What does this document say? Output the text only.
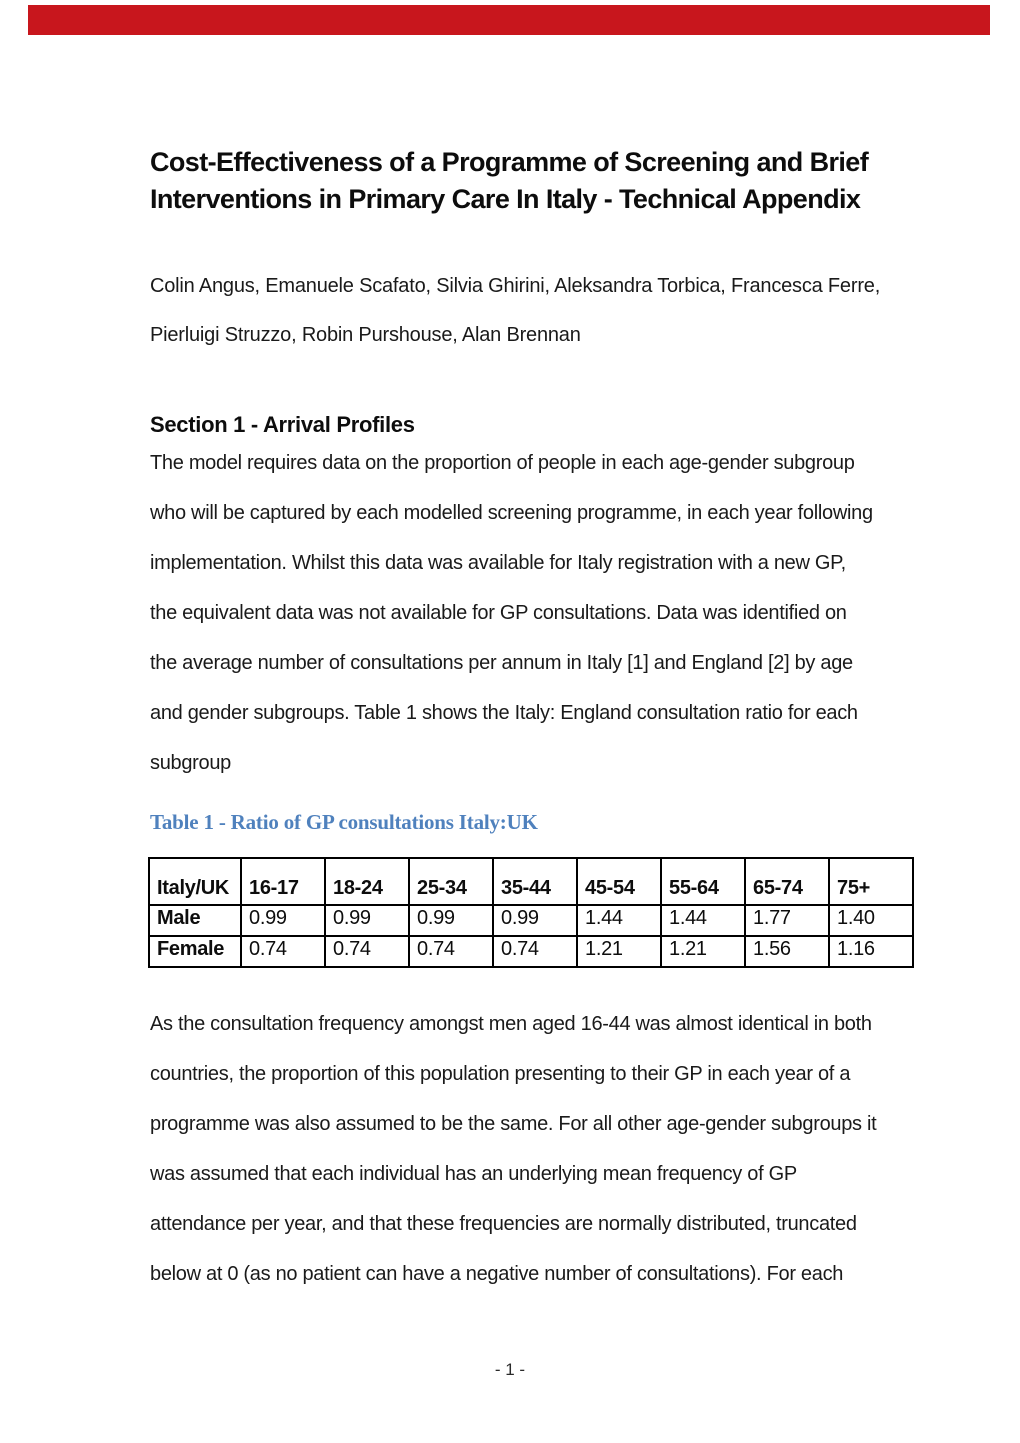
Cost-Effectiveness of a Programme of Screening and Brief
Interventions in Primary Care In Italy - Technical Appendix
Colin Angus, Emanuele Scafato, Silvia Ghirini, Aleksandra Torbica, Francesca Ferre,
Pierluigi Struzzo, Robin Purshouse, Alan Brennan
Section 1 - Arrival Profiles
The model requires data on the proportion of people in each age-gender subgroup
who will be captured by each modelled screening programme, in each year following
implementation. Whilst this data was available for Italy registration with a new GP,
the equivalent data was not available for GP consultations. Data was identified on
the average number of consultations per annum in Italy [1] and England [2] by age
and gender subgroups. Table 1 shows the Italy: England consultation ratio for each
subgroup
Table 1 - Ratio of GP consultations Italy:UK
Italy/UK	16-17	18-24	25-34	35-44	45-54	55-64	65-74	75+
Male	0.99	0.99	0.99	0.99	1.44	1.44	1.77	1.40
Female	0.74	0.74	0.74	0.74	1.21	1.21	1.56	1.16
As the consultation frequency amongst men aged 16-44 was almost identical in both
countries, the proportion of this population presenting to their GP in each year of a
programme was also assumed to be the same. For all other age-gender subgroups it
was assumed that each individual has an underlying mean frequency of GP
attendance per year, and that these frequencies are normally distributed, truncated
below at 0 (as no patient can have a negative number of consultations). For each
- 1 -
